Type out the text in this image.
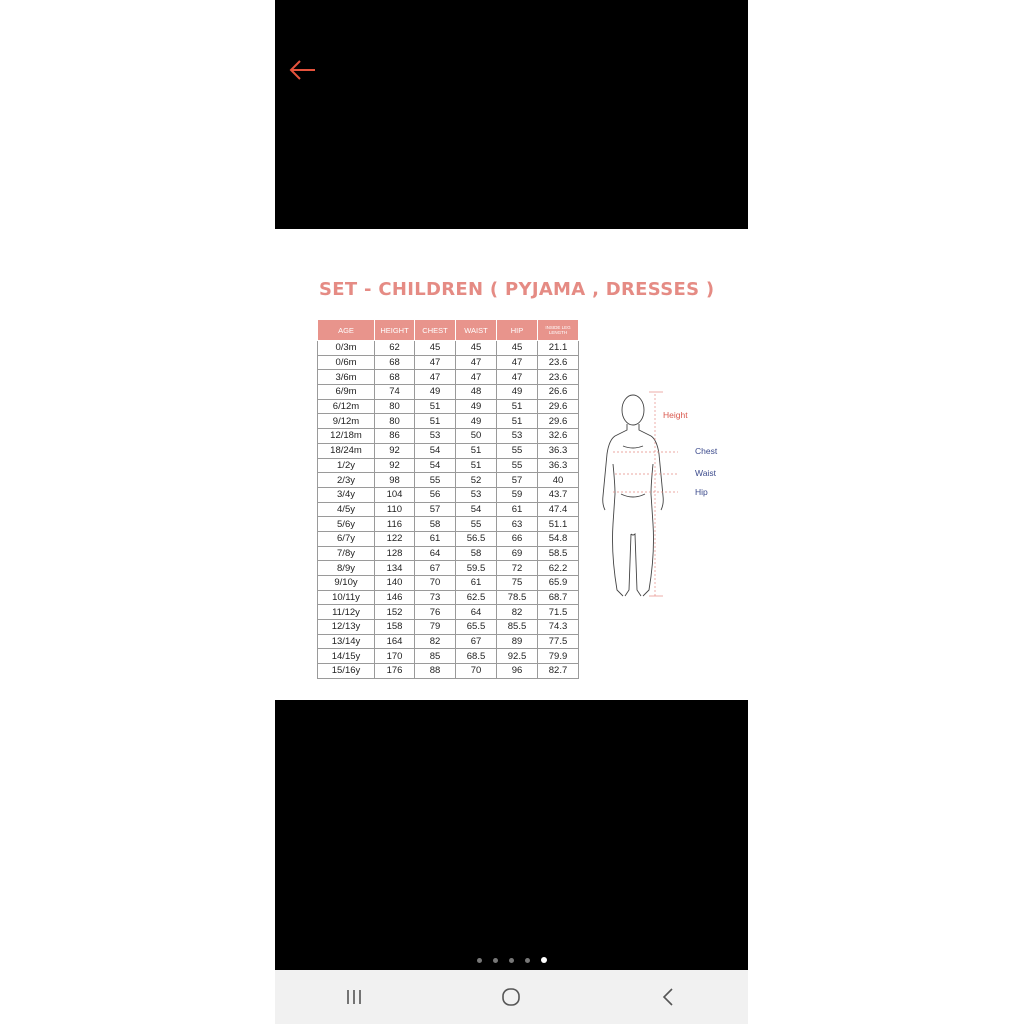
SET - CHILDREN ( PYJAMA , DRESSES )
AGE	HEIGHT	CHEST	WAIST	HIP	INSIDE LEG LENGTH
0/3m	62	45	45	45	21.1
0/6m	68	47	47	47	23.6
3/6m	68	47	47	47	23.6
6/9m	74	49	48	49	26.6
6/12m	80	51	49	51	29.6
9/12m	80	51	49	51	29.6
12/18m	86	53	50	53	32.6
18/24m	92	54	51	55	36.3
1/2y	92	54	51	55	36.3
2/3y	98	55	52	57	40
3/4y	104	56	53	59	43.7
4/5y	110	57	54	61	47.4
5/6y	116	58	55	63	51.1
6/7y	122	61	56.5	66	54.8
7/8y	128	64	58	69	58.5
8/9y	134	67	59.5	72	62.2
9/10y	140	70	61	75	65.9
10/11y	146	73	62.5	78.5	68.7
11/12y	152	76	64	82	71.5
12/13y	158	79	65.5	85.5	74.3
13/14y	164	82	67	89	77.5
14/15y	170	85	68.5	92.5	79.9
15/16y	176	88	70	96	82.7
Height
Chest
Waist
Hip
